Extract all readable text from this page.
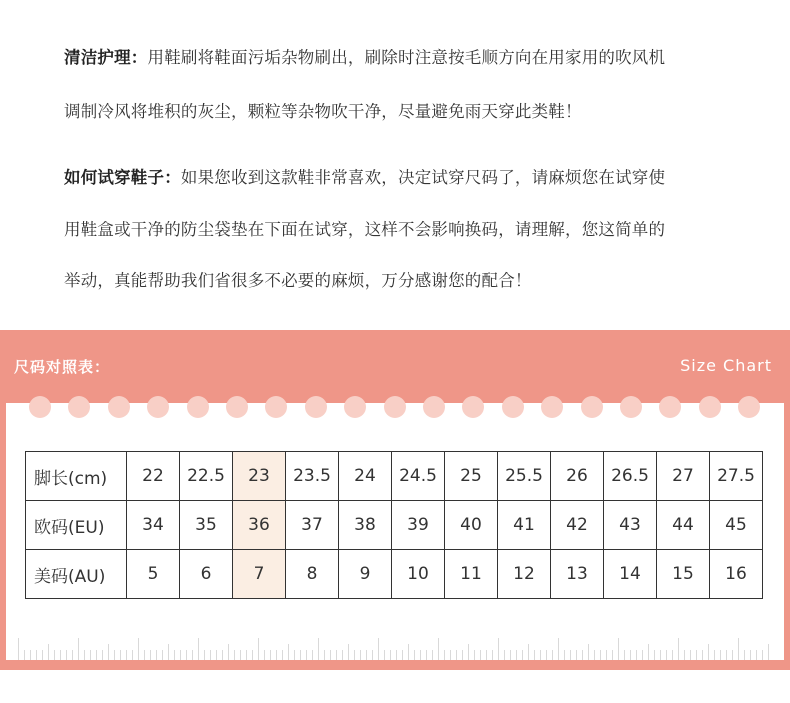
清洁护理：用鞋刷将鞋面污垢杂物刷出，刷除时注意按毛顺方向在用家用的吹风机
调制冷风将堆积的灰尘，颗粒等杂物吹干净，尽量避免雨天穿此类鞋！
如何试穿鞋子：如果您收到这款鞋非常喜欢，决定试穿尺码了，请麻烦您在试穿使
用鞋盒或干净的防尘袋垫在下面在试穿，这样不会影响换码，请理解，您这简单的
举动，真能帮助我们省很多不必要的麻烦，万分感谢您的配合！
尺码对照表：	Size Chart
脚长(cm)	22	22.5	23	23.5	24	24.5	25	25.5	26	26.5	27	27.5
欧码(EU)	34	35	36	37	38	39	40	41	42	43	44	45
美码(AU)	5	6	7	8	9	10	11	12	13	14	15	16
